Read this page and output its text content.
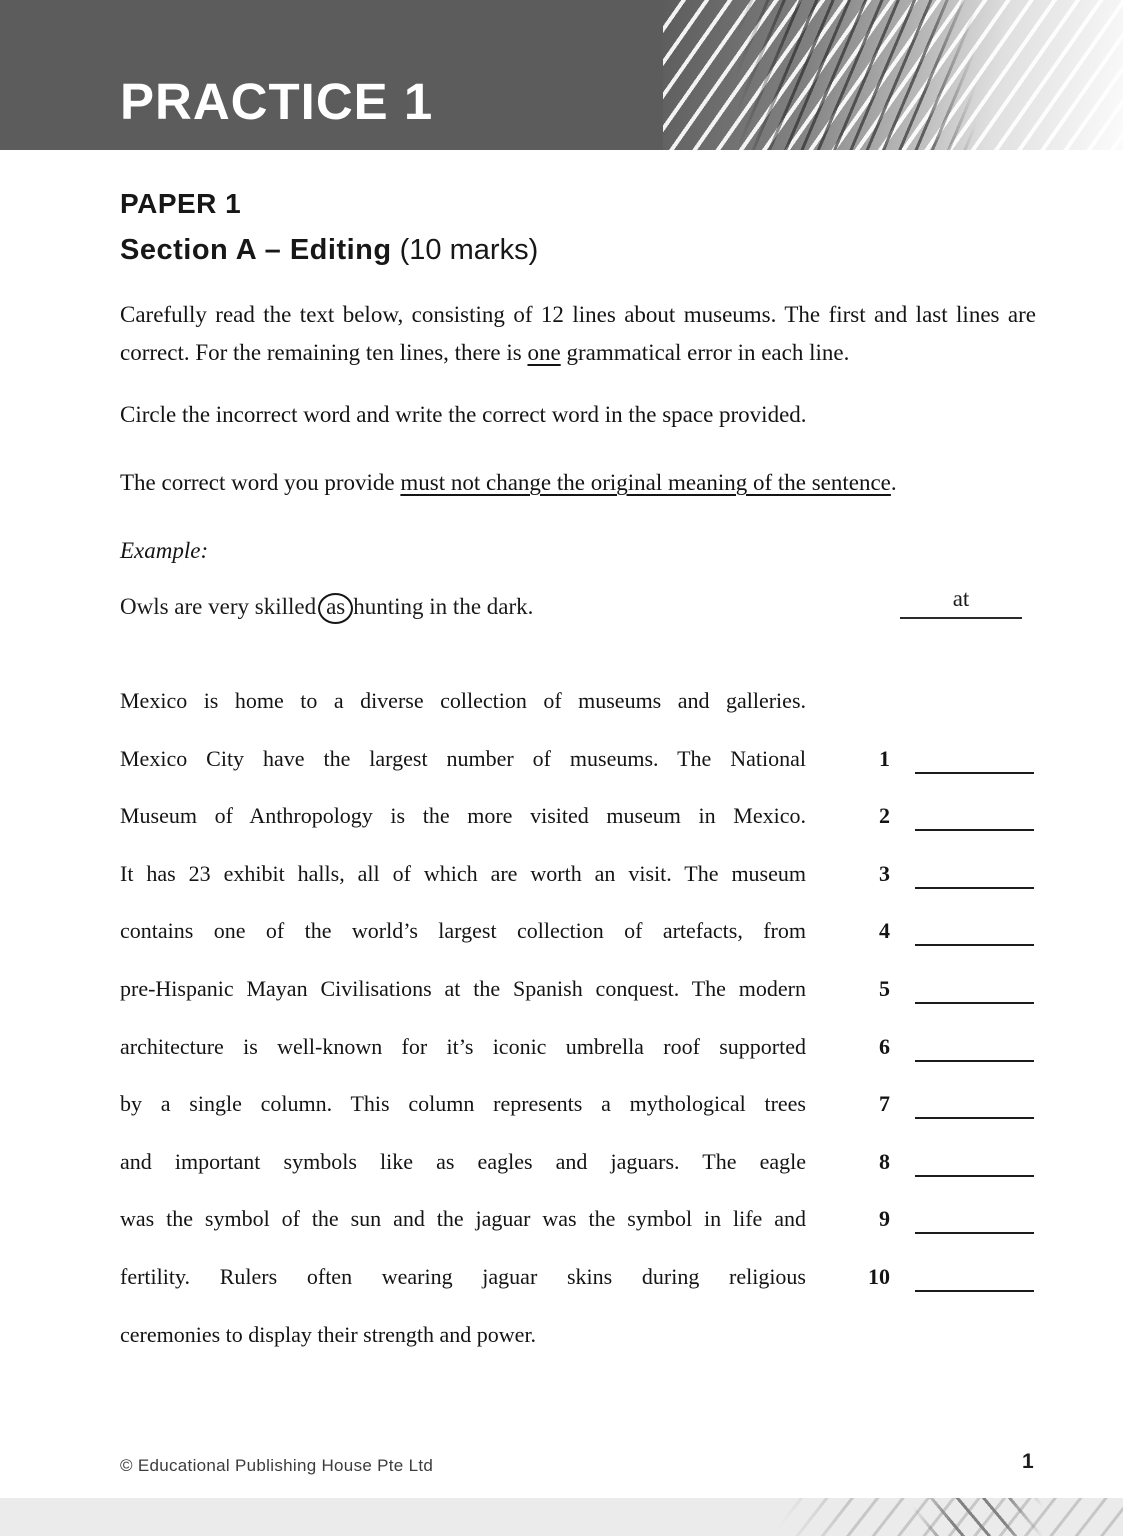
PRACTICE 1
PAPER 1
Section A – Editing (10 marks)
Carefully read the text below, consisting of 12 lines about museums. The first and last lines are correct. For the remaining ten lines, there is one grammatical error in each line.
Circle the incorrect word and write the correct word in the space provided.
The correct word you provide must not change the original meaning of the sentence.
Example:
Owls are very skilled as hunting in the dark.	at
Mexico is home to a diverse collection of museums and galleries.
Mexico City have the largest number of museums. The National	1

Museum of Anthropology is the more visited museum in Mexico.	2

It has 23 exhibit halls, all of which are worth an visit. The museum	3

contains one of the world’s largest collection of artefacts, from	4

pre-Hispanic Mayan Civilisations at the Spanish conquest. The modern	5

architecture is well-known for it’s iconic umbrella roof supported	6

by a single column. This column represents a mythological trees	7

and important symbols like as eagles and jaguars. The eagle	8

was the symbol of the sun and the jaguar was the symbol in life and	9

fertility. Rulers often wearing jaguar skins during religious	10

ceremonies to display their strength and power.
© Educational Publishing House Pte Ltd	1
